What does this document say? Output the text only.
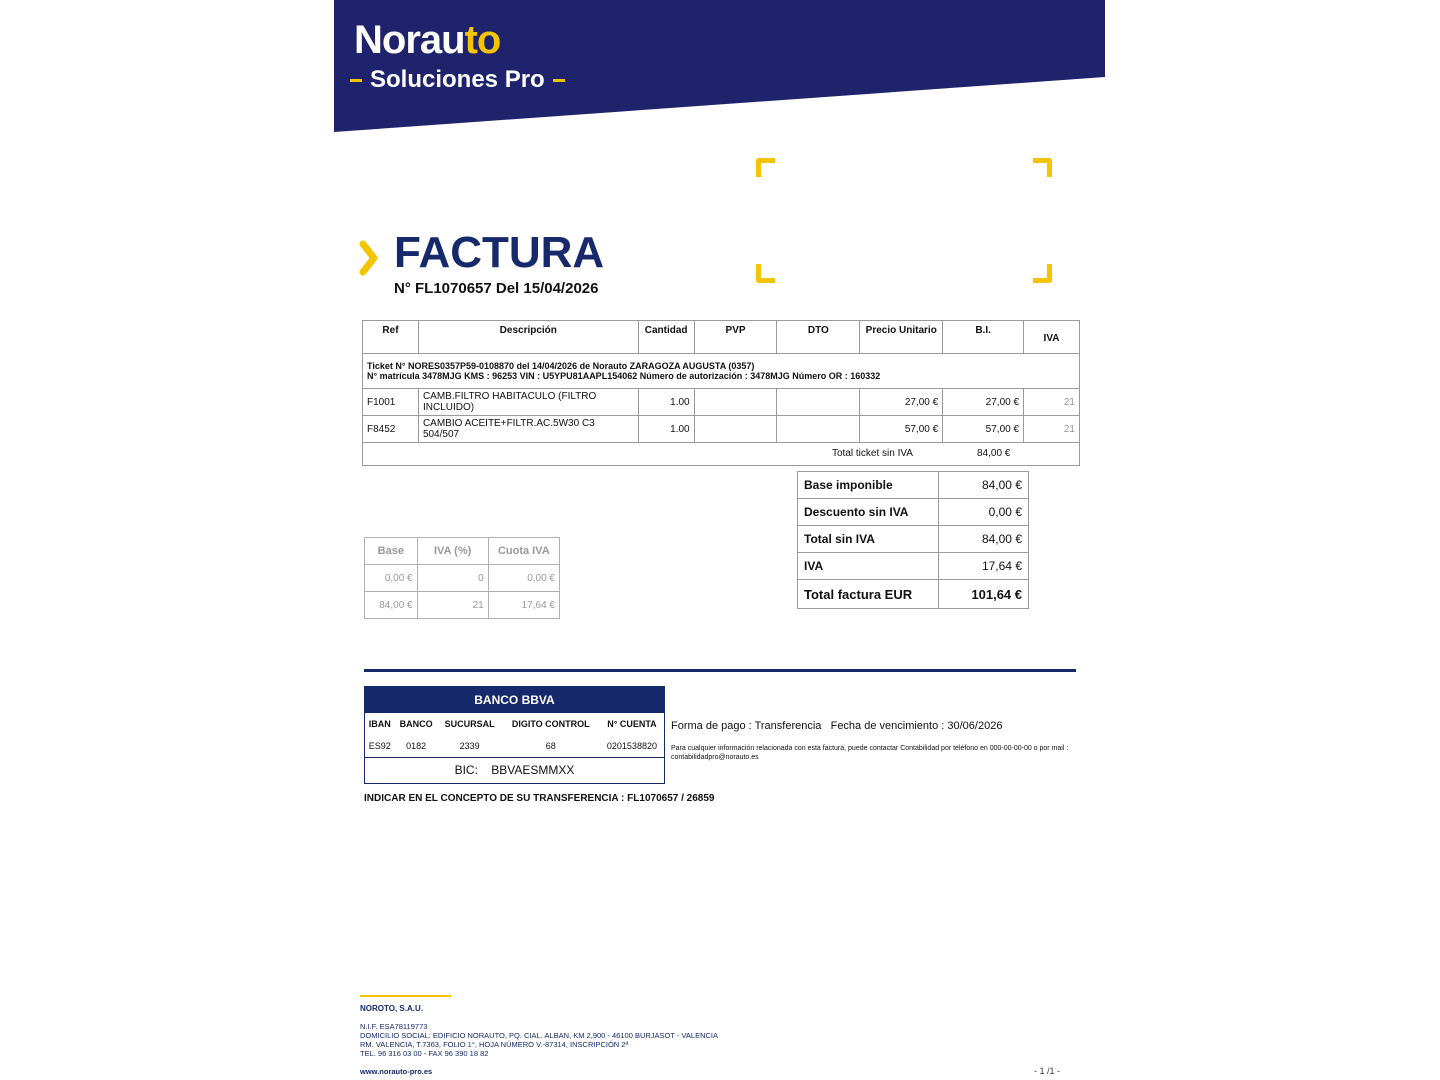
Norauto
Soluciones Pro
FACTURA
N° FL1070657 Del 15/04/2026
Ref	Descripción	Cantidad	PVP	DTO	Precio Unitario	B.I.	IVA

Ticket N° NORES0357P59-0108870 del 14/04/2026 de Norauto ZARAGOZA AUGUSTA (0357)
N° matrícula 3478MJG KMS : 96253 VIN : U5YPU81AAPL154062 Número de autorización : 3478MJG Número OR : 160332							

F1001	CAMB.FILTRO HABITACULO (FILTRO INCLUIDO)	1.00			27,00 €	27,00 €	21
F8452	CAMBIO ACEITE+FILTR.AC.5W30 C3 504/507	1.00			57,00 €	57,00 €	21

Total ticket sin IVA 84,00 €							
Base imponible	84,00 €
Descuento sin IVA	0,00 €
Total sin IVA	84,00 €
IVA	17,64 €
Total factura EUR	101,64 €
Base	IVA (%)	Cuota IVA
0,00 €	0	0,00 €
84,00 €	21	17,64 €
BANCO BBVA
IBAN	BANCO	SUCURSAL	DIGITO CONTROL	N° CUENTA
ES92	0182	2339	68	0201538820
BIC: BBVAESMMXX
Forma de pago : Transferencia Fecha de vencimiento : 30/06/2026
Para cualquier información relacionada con esta factura, puede contactar Contabilidad por teléfono en 000-00-00-00 o por mail : contabilidadpro@norauto.es
INDICAR EN EL CONCEPTO DE SU TRANSFERENCIA : FL1070657 / 26859
NOROTO, S.A.U.
N.I.F. ESA78119773
DOMICILIO SOCIAL: EDIFICIO NORAUTO, PQ. CIAL. ALBAN, KM 2,900 - 46100 BURJASOT - VALENCIA
RM. VALENCIA, T.7363, FOLIO 1°, HOJA NÚMERO V.-87314, INSCRIPCIÓN 2ª
TEL. 96 316 03 00 - FAX 96 390 18 82
www.norauto-pro.es	- 1 /1 -
